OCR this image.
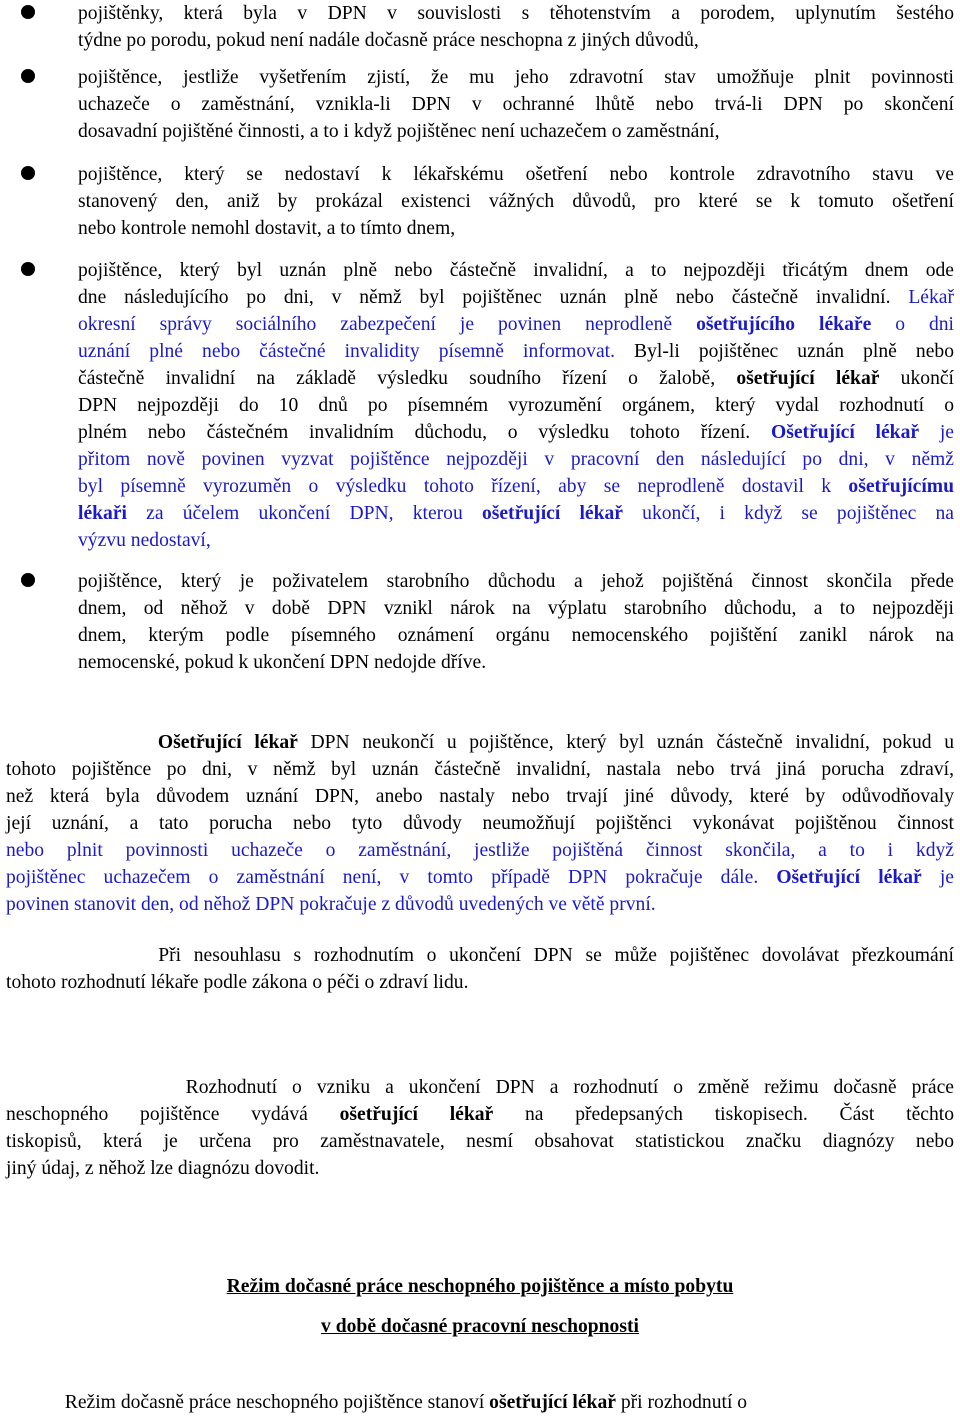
pojištěnky, která byla v DPN v souvislosti s těhotenstvím a porodem, uplynutím šestého
týdne po porodu, pokud není nadále dočasně práce neschopna z jiných důvodů,
pojištěnce, jestliže vyšetřením zjistí, že mu jeho zdravotní stav umožňuje plnit povinnosti
uchazeče o zaměstnání, vznikla-li DPN v ochranné lhůtě nebo trvá-li DPN po skončení
dosavadní pojištěné činnosti, a to i když pojištěnec není uchazečem o zaměstnání,
pojištěnce, který se nedostaví k lékařskému ošetření nebo kontrole zdravotního stavu ve
stanovený den, aniž by prokázal existenci vážných důvodů, pro které se k tomuto ošetření
nebo kontrole nemohl dostavit, a to tímto dnem,
pojištěnce, který byl uznán plně nebo částečně invalidní, a to nejpozději třicátým dnem ode
dne následujícího po dni, v němž byl pojištěnec uznán plně nebo částečně invalidní. Lékař
okresní správy sociálního zabezpečení je povinen neprodleně ošetřujícího lékaře o dni
uznání plné nebo částečné invalidity písemně informovat. Byl-li pojištěnec uznán plně nebo
částečně invalidní na základě výsledku soudního řízení o žalobě, ošetřující lékař ukončí
DPN nejpozději do 10 dnů po písemném vyrozumění orgánem, který vydal rozhodnutí o
plném nebo částečném invalidním důchodu, o výsledku tohoto řízení. Ošetřující lékař je
přitom nově povinen vyzvat pojištěnce nejpozději v pracovní den následující po dni, v němž
byl písemně vyrozuměn o výsledku tohoto řízení, aby se neprodleně dostavil k ošetřujícímu
lékaři za účelem ukončení DPN, kterou ošetřující lékař ukončí, i když se pojištěnec na
výzvu nedostaví,
pojištěnce, který je poživatelem starobního důchodu a jehož pojištěná činnost skončila přede
dnem, od něhož v době DPN vznikl nárok na výplatu starobního důchodu, a to nejpozději
dnem, kterým podle písemného oznámení orgánu nemocenského pojištění zanikl nárok na
nemocenské, pokud k ukončení DPN nedojde dříve.
Ošetřující lékař DPN neukončí u pojištěnce, který byl uznán částečně invalidní, pokud u
tohoto pojištěnce po dni, v němž byl uznán částečně invalidní, nastala nebo trvá jiná porucha zdraví,
než která byla důvodem uznání DPN, anebo nastaly nebo trvají jiné důvody, které by odůvodňovaly
její uznání, a tato porucha nebo tyto důvody neumožňují pojištěnci vykonávat pojištěnou činnost
nebo plnit povinnosti uchazeče o zaměstnání, jestliže pojištěná činnost skončila, a to i když
pojištěnec uchazečem o zaměstnání není, v tomto případě DPN pokračuje dále. Ošetřující lékař je
povinen stanovit den, od něhož DPN pokračuje z důvodů uvedených ve větě první.
Při nesouhlasu s rozhodnutím o ukončení DPN se může pojištěnec dovolávat přezkoumání
tohoto rozhodnutí lékaře podle zákona o péči o zdraví lidu.
Rozhodnutí o vzniku a ukončení DPN a rozhodnutí o změně režimu dočasně práce
neschopného pojištěnce vydává ošetřující lékař na předepsaných tiskopisech. Část těchto
tiskopisů, která je určena pro zaměstnavatele, nesmí obsahovat statistickou značku diagnózy nebo
jiný údaj, z něhož lze diagnózu dovodit.
Režim dočasné práce neschopného pojištěnce a místo pobytu
v době dočasné pracovní neschopnosti
Režim dočasně práce neschopného pojištěnce stanoví ošetřující lékař při rozhodnutí o
